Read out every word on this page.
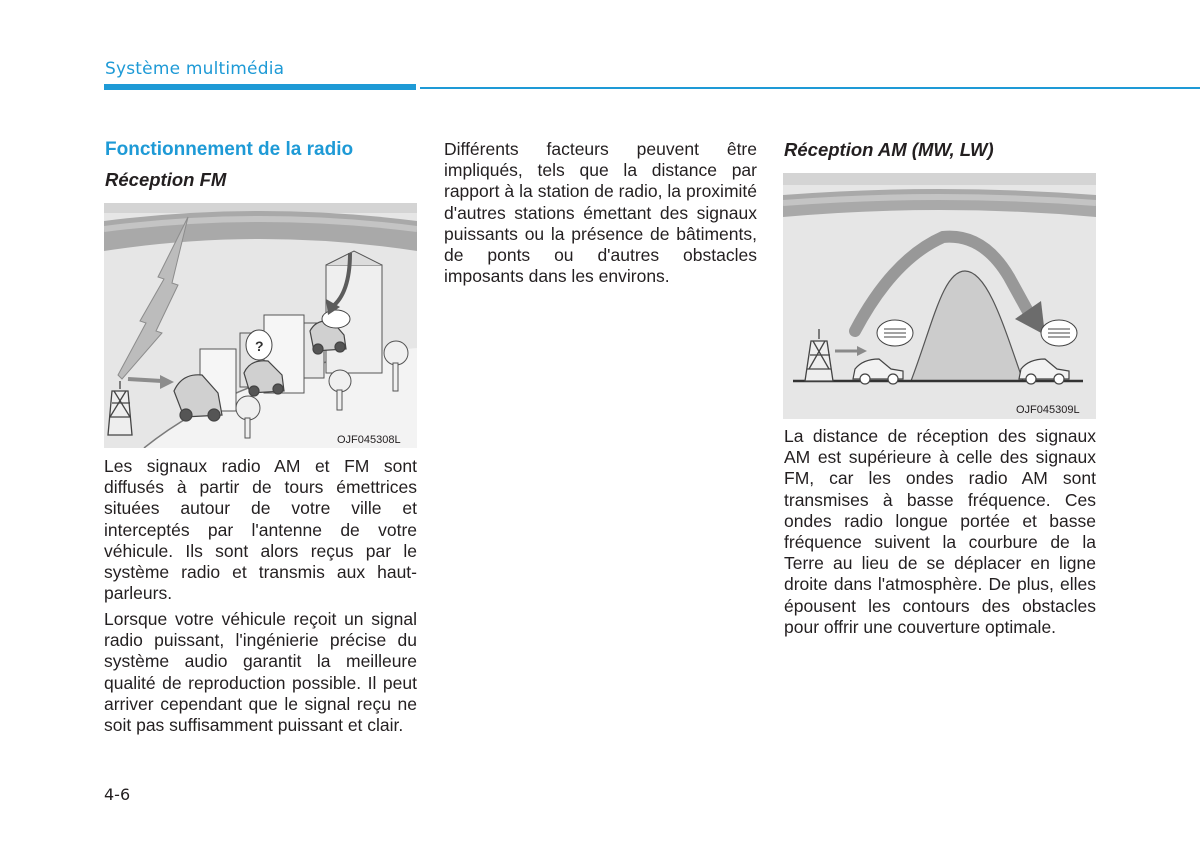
Système multimédia
Fonctionnement de la radio
Réception FM
?
OJF045308L

Les signaux radio AM et FM sont diffusés à partir de tours émettrices situées autour de votre ville et interceptés par l'antenne de votre véhicule. Ils sont alors reçus par le système radio et transmis aux haut-parleurs.

Lorsque votre véhicule reçoit un signal radio puissant, l'ingénierie précise du système audio garantit la meilleure qualité de reproduction possible. Il peut arriver cependant que le signal reçu ne soit pas suffisamment puissant et clair.

Différents facteurs peuvent être impliqués, tels que la distance par rapport à la station de radio, la proximité d'autres stations émettant des signaux puissants ou la présence de bâtiments, de ponts ou d'autres obstacles imposants dans les environs.

Réception AM (MW, LW)
OJF045309L

La distance de réception des signaux AM est supérieure à celle des signaux FM, car les ondes radio AM sont transmises à basse fréquence. Ces ondes radio longue portée et basse fréquence suivent la courbure de la Terre au lieu de se déplacer en ligne droite dans l'atmosphère. De plus, elles épousent les contours des obstacles pour offrir une couverture optimale.

4-6
